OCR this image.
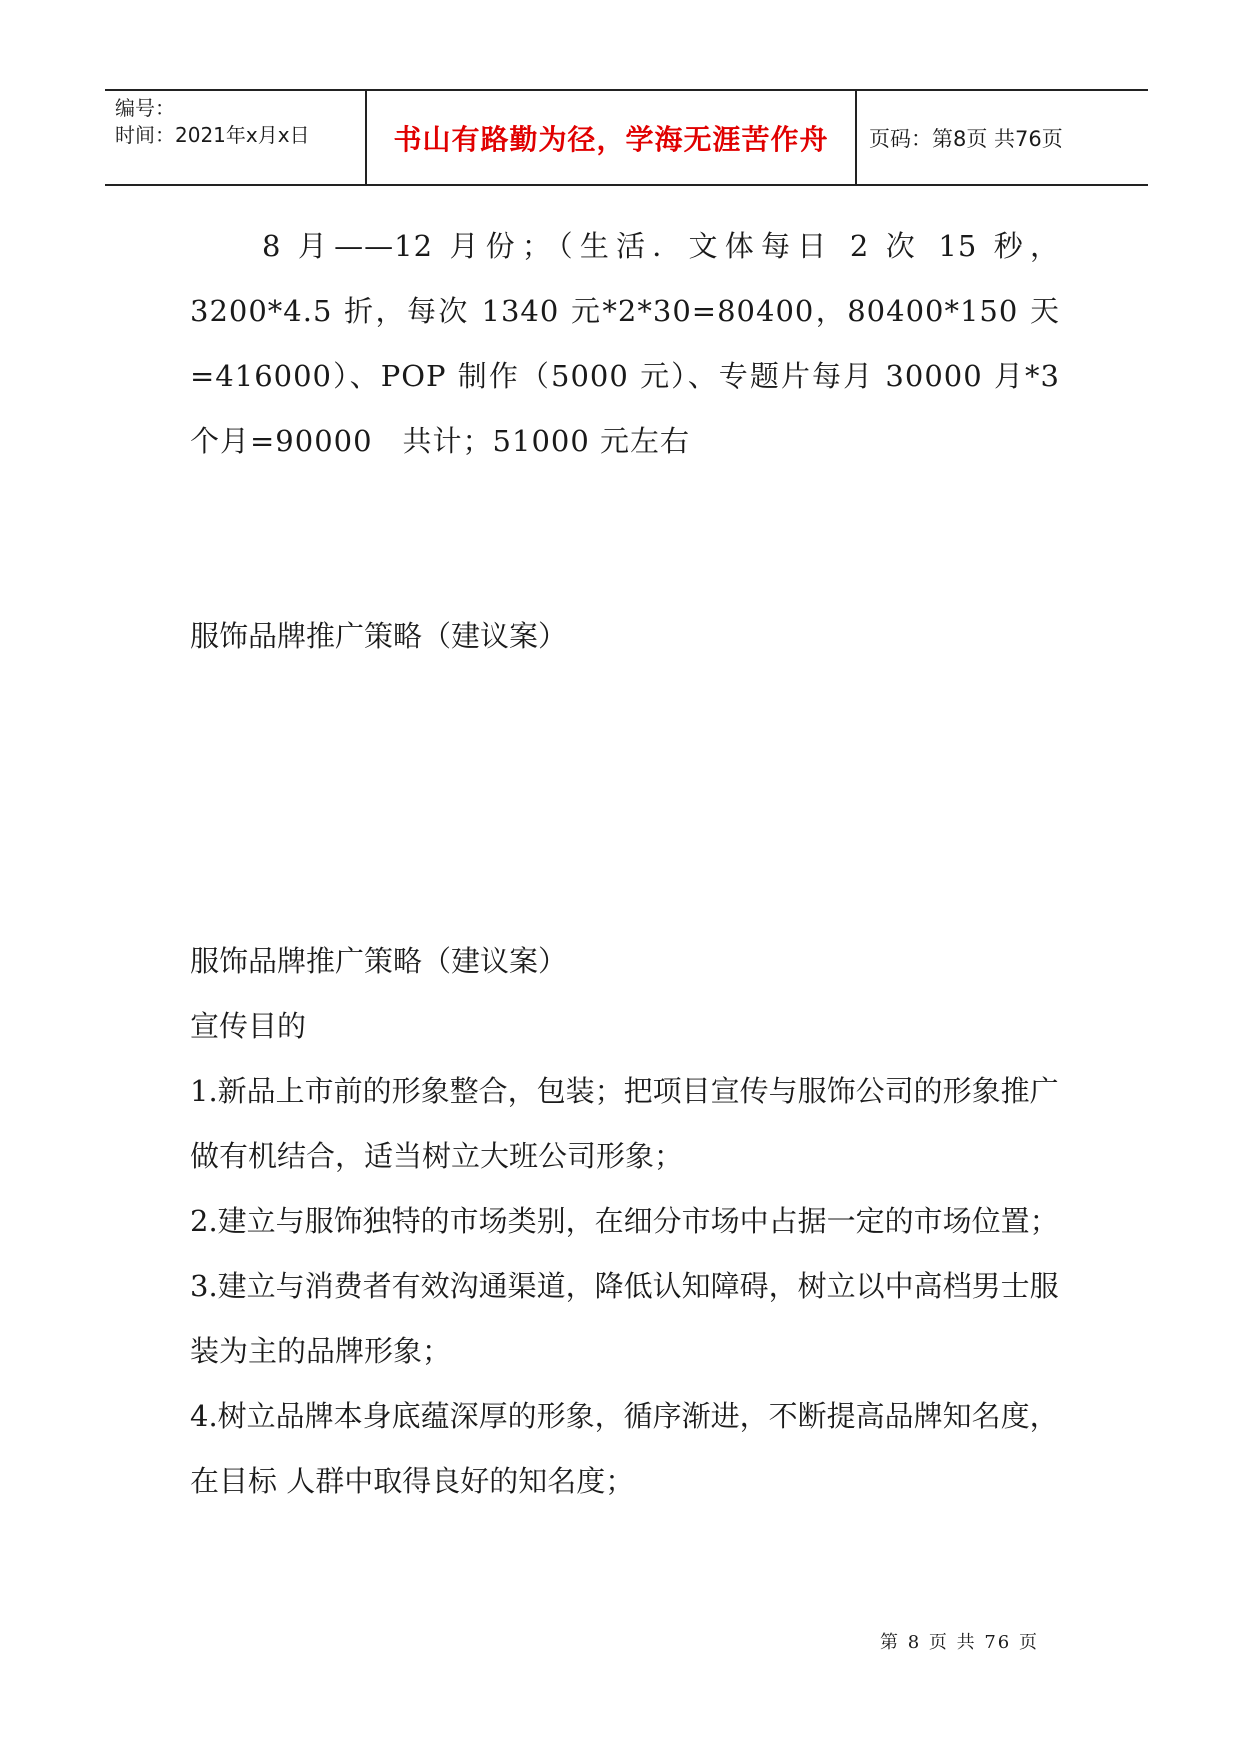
编号：
时间：2021年x月x日	书山有路勤为径，学海无涯苦作舟 页码：第8页 共76页

8 月——12 月份；（生活．文体每日 2 次 15 秒，3200*4.5 折，每次 1340 元*2*30=80400，80400*150 天=416000）、POP 制作（5000 元）、专题片每月 30000 月*3 个月=90000　共计；51000 元左右

服饰品牌推广策略（建议案）

服饰品牌推广策略（建议案）

宣传目的

1.新品上市前的形象整合，包装；把项目宣传与服饰公司的形象推广做有机结合，适当树立大班公司形象；

2.建立与服饰独特的市场类别，在细分市场中占据一定的市场位置；

3.建立与消费者有效沟通渠道，降低认知障碍，树立以中高档男士服装为主的品牌形象；

4.树立品牌本身底蕴深厚的形象，循序渐进，不断提高品牌知名度，在目标 人群中取得良好的知名度；

第 8 页 共 76 页
